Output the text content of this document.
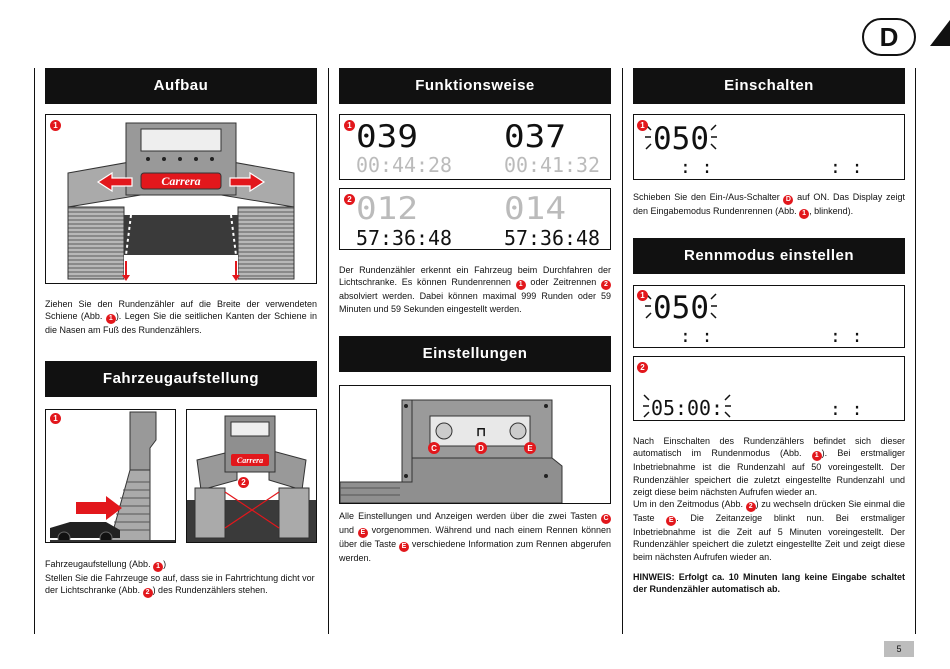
D
Aufbau
Carrera
1
Ziehen Sie den Rundenzähler auf die Breite der verwendeten Schiene (Abb. 1 ). Legen Sie die seitlichen Kanten der Schiene in die Nasen am Fuß des Rundenzählers.
Fahrzeugaufstellung
1
Carrera
2
Fahrzeugaufstellung (Abb. 1 )
Stellen Sie die Fahrzeuge so auf, dass sie in Fahrtrichtung dicht vor der Lichtschranke (Abb. 2 ) des Rundenzählers stehen.
Funktionsweise
039	037
00:44:28	00:41:32
1
012	014
57:36:48	57:36:48
2
Der Rundenzähler erkennt ein Fahrzeug beim Durchfahren der Lichtschranke. Es können Rundenrennen 1 oder Zeitrennen 2 absolviert werden. Dabei können maximal 999 Runden oder 59 Minuten und 59 Sekunden eingestellt werden.
Einstellungen
⊓
C	D	E
Alle Einstellungen und Anzeigen werden über die zwei Tasten C und E vorgenommen. Während und nach einem Rennen können über die Taste E verschiedene Information zum Rennen abgerufen werden.
Einschalten
050
: :	: :
1
Schieben Sie den Ein-/Aus-Schalter D auf ON. Das Display zeigt den Eingabemodus Rundenrennen (Abb. 1 , blinkend).
Rennmodus einstellen
050
: :	: :
1
05:00:	: :
2
Nach Einschalten des Rundenzählers befindet sich dieser automatisch im Rundenmodus (Abb. 1 ). Bei erstmaliger Inbetriebnahme ist die Rundenzahl auf 50 voreingestellt. Der Rundenzähler speichert die zuletzt eingestellte Rundenzahl und zeigt diese beim nächsten Aufrufen wieder an.
Um in den Zeitmodus (Abb. 2 ) zu wechseln drücken Sie einmal die Taste E . Die Zeitanzeige blinkt nun. Bei erstmaliger Inbetriebnahme ist die Zeit auf 5 Minuten voreingestellt. Der Rundenzähler speichert die zuletzt eingestellte Zeit und zeigt diese beim nächsten Aufrufen wieder an.
HINWEIS: Erfolgt ca. 10 Minuten lang keine Eingabe schaltet der Rundenzähler automatisch ab.
5
